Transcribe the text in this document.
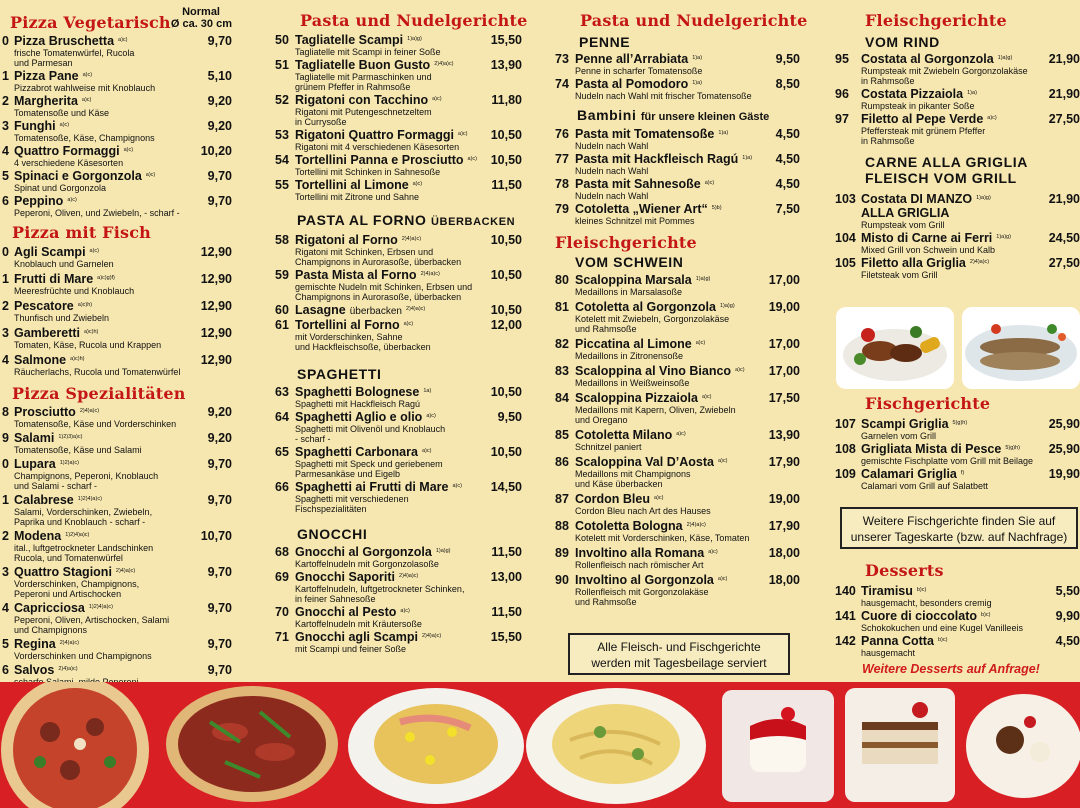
Normal
Ø ca. 30 cm
Pizza Vegetarisch
0 Pizza Bruschetta a)c)	9,70
frische Tomatenwürfel, Rucola
und Parmesan
1 Pizza Pane a)c)	5,10
Pizzabrot wahlweise mit Knoblauch
2 Margherita a)c)	9,20
Tomatensoße und Käse
3 Funghi a)c)	9,20
Tomatensoße, Käse, Champignons
4 Quattro Formaggi a)c)	10,20
4 verschiedene Käsesorten
5 Spinaci e Gorgonzola a)c)	9,70
Spinat und Gorgonzola
6 Peppino a)c)	9,70
Peperoni, Oliven, und Zwiebeln, - scharf -
Pizza mit Fisch
0 Agli Scampi a)c)	12,90
Knoblauch und Garnelen
1 Frutti di Mare a)c)g)f)	12,90
Meeresfrüchte und Knoblauch
2 Pescatore a)c)h)	12,90
Thunfisch und Zwiebeln
3 Gamberetti a)c)h)	12,90
Tomaten, Käse, Rucola und Krappen
4 Salmone a)c)h)	12,90
Räucherlachs, Rucola und Tomatenwürfel
Pizza Spezialitäten
8 Prosciutto 2)4)a)c)	9,20
Tomatensoße, Käse und Vorderschinken
9 Salami 1)2)3)a)c)	9,20
Tomatensoße, Käse und Salami
0 Lupara 1)2)a)c)	9,70
Champignons, Peperoni, Knoblauch
und Salami - scharf -
1 Calabrese 1)2)4)a)c)	9,70
Salami, Vorderschinken, Zwiebeln,
Paprika und Knoblauch - scharf -
2 Modena 1)2)4)a)c)	10,70
ital., luftgetrockneter Landschinken
Rucola, und Tomatenwürfel
3 Quattro Stagioni 2)4)a)c)	9,70
Vorderschinken, Champignons,
Peperoni und Artischocken
4 Capricciosa 1)2)4)a)c)	9,70
Peperoni, Oliven, Artischocken, Salami
und Champignons
5 Regina 2)4)a)c)	9,70
Vorderschinken und Champignons
6 Salvos 2)4)a)c)	9,70
Pasta und Nudelgerichte
50 Tagliatelle Scampi 1)a)g)	15,50
Tagliatelle mit Scampi in feiner Soße
51 Tagliatelle Buon Gusto 2)4)a)c)	13,90
Tagliatelle mit Parmaschinken und
grünem Pfeffer in Rahmsoße
52 Rigatoni con Tacchino a)c)	11,80
Rigatoni mit Putengeschnetzeltem
in Currysoße
53 Rigatoni Quattro Formaggi a)c) 10,50
Rigatoni mit 4 verschiedenen Käsesorten
54 Tortellini Panna e Prosciutto a)c) 10,50
Tortellini mit Schinken in Sahnesoße
55 Tortellini al Limone a)c)	11,50
Tortellini mit Zitrone und Sahne
PASTA AL FORNO ÜBERBACKEN
58 Rigatoni al Forno 2)4)a)c)	10,50
Rigatoni mit Schinken, Erbsen und
Champignons in Aurorasoße, überbacken
59 Pasta Mista al Forno 2)4)a)c)	10,50
gemischte Nudeln mit Schinken, Erbsen und
Champignons in Aurorasoße, überbacken
60 Lasagne überbacken 2)4)a)c)	10,50
61 Tortellini al Forno a)c)	12,00
mit Vorderschinken, Sahne
und Hackfleischsoße, überbacken
SPAGHETTI
63 Spaghetti Bolognese 1a)	10,50
Spaghetti mit Hackfleisch Ragú
64 Spaghetti Aglio e olio a)c)	9,50
Spaghetti mit Olivenöl und Knoblauch
- scharf -
65 Spaghetti Carbonara a)c)	10,50
Spaghetti mit Speck und geriebenem
Parmesankäse und Eigelb
66 Spaghetti ai Frutti di Mare a)c) 14,50
Spaghetti mit verschiedenen
Fischspezialitäten
GNOCCHI
68 Gnocchi al Gorgonzola 1)a)g)	11,50
Kartoffelnudeln mit Gorgonzolasoße
69 Gnocchi Saporiti 2)4)a)c)	13,00
Kartoffelnudeln, luftgetrockneter Schinken,
in feiner Sahnesoße
70 Gnocchi al Pesto a)c)	11,50
Kartoffelnudeln mit Kräutersoße
71 Gnocchi agli Scampi 2)4)a)c)	15,50
mit Scampi und feiner Soße
Pasta und Nudelgerichte
PENNE
73 Penne all’Arrabiata 1)a)	9,50
Penne in scharfer Tomatensoße
74 Pasta al Pomodoro 1)a)	8,50
Nudeln nach Wahl mit frischer Tomatensoße
Bambini für unsere kleinen Gäste
76 Pasta mit Tomatensoße 1)a)	4,50
Nudeln nach Wahl
77 Pasta mit Hackfleisch Ragú 1)a) 4,50
Nudeln nach Wahl
78 Pasta mit Sahnesoße a)c)	4,50
Nudeln nach Wahl
79 Cotoletta „Wiener Art“ 5)b)	7,50
kleines Schnitzel mit Pommes
Fleischgerichte
VOM SCHWEIN
80 Scaloppina Marsala 1)a)g)	17,00
Medaillons in Marsalasoße
81 Cotoletta al Gorgonzola 1)a)g)	19,00
Kotelett mit Zwiebeln, Gorgonzolakäse
und Rahmsoße
82 Piccatina al Limone a)c)	17,00
Medaillons in Zitronensoße
83 Scaloppina al Vino Bianco a)c) 17,00
Medaillons in Weißweinsoße
84 Scaloppina Pizzaiola a)c)	17,50
Medaillons mit Kapern, Oliven, Zwiebeln
und Oregano
85 Cotoletta Milano a)c)	13,90
Schnitzel paniert
86 Scaloppina Val D’Aosta a)c)	17,90
Medaillons mit Champignons
und Käse überbacken
87 Cordon Bleu a)c)	19,00
Cordon Bleu nach Art des Hauses
88 Cotoletta Bologna 2)4)a)c)	17,90
Kotelett mit Vorderschinken, Käse, Tomaten
89 Involtino alla Romana a)c)	18,00
Rollenfleisch nach römischer Art
90 Involtino al Gorgonzola a)c)	18,00
Rollenfleisch mit Gorgonzolakäse
und Rahmsoße
Alle Fleisch- und Fischgerichte
werden mit Tagesbeilage serviert
Fleischgerichte
VOM RIND
95 Costata al Gorgonzola 1)a)g)	21,90
Rumpsteak mit Zwiebeln Gorgonzolakäse
in Rahmsoße
96 Costata Pizzaiola 1)a)	21,90
Rumpsteak in pikanter Soße
97 Filetto al Pepe Verde a)c)	27,50
Pfeffersteak mit grünem Pfeffer
in Rahmsoße
CARNE ALLA GRIGLIA
FLEISCH VOM GRILL
103 Costata DI MANZO 1)a)g)
ALLA GRIGLIA
21,90
Rumpsteak vom Grill
104 Misto di Carne ai Ferri 1)a)g)	24,50
Mixed Grill von Schwein und Kalb
105 Filetto alla Griglia 2)4)a)c)	27,50
Filetsteak vom Grill
Fischgerichte
107 Scampi Griglia 5)g)h)	25,90
Garnelen vom Grill
108 Grigliata Mista di Pesce 5)g)h) 25,90
gemischte Fischplatte vom Grill mit Beilage
109 Calamari Griglia f)	19,90
Calamari vom Grill auf Salatbett
Weitere Fischgerichte finden Sie auf
unserer Tageskarte (bzw. auf Nachfrage)
Desserts
140 Tiramisu b)c)	5,50
hausgemacht, besonders cremig
141 Cuore di cioccolato b)c)	9,90
Schokokuchen und eine Kugel Vanilleeis
142 Panna Cotta b)c)	4,50
hausgemacht
Weitere Desserts auf Anfrage!
